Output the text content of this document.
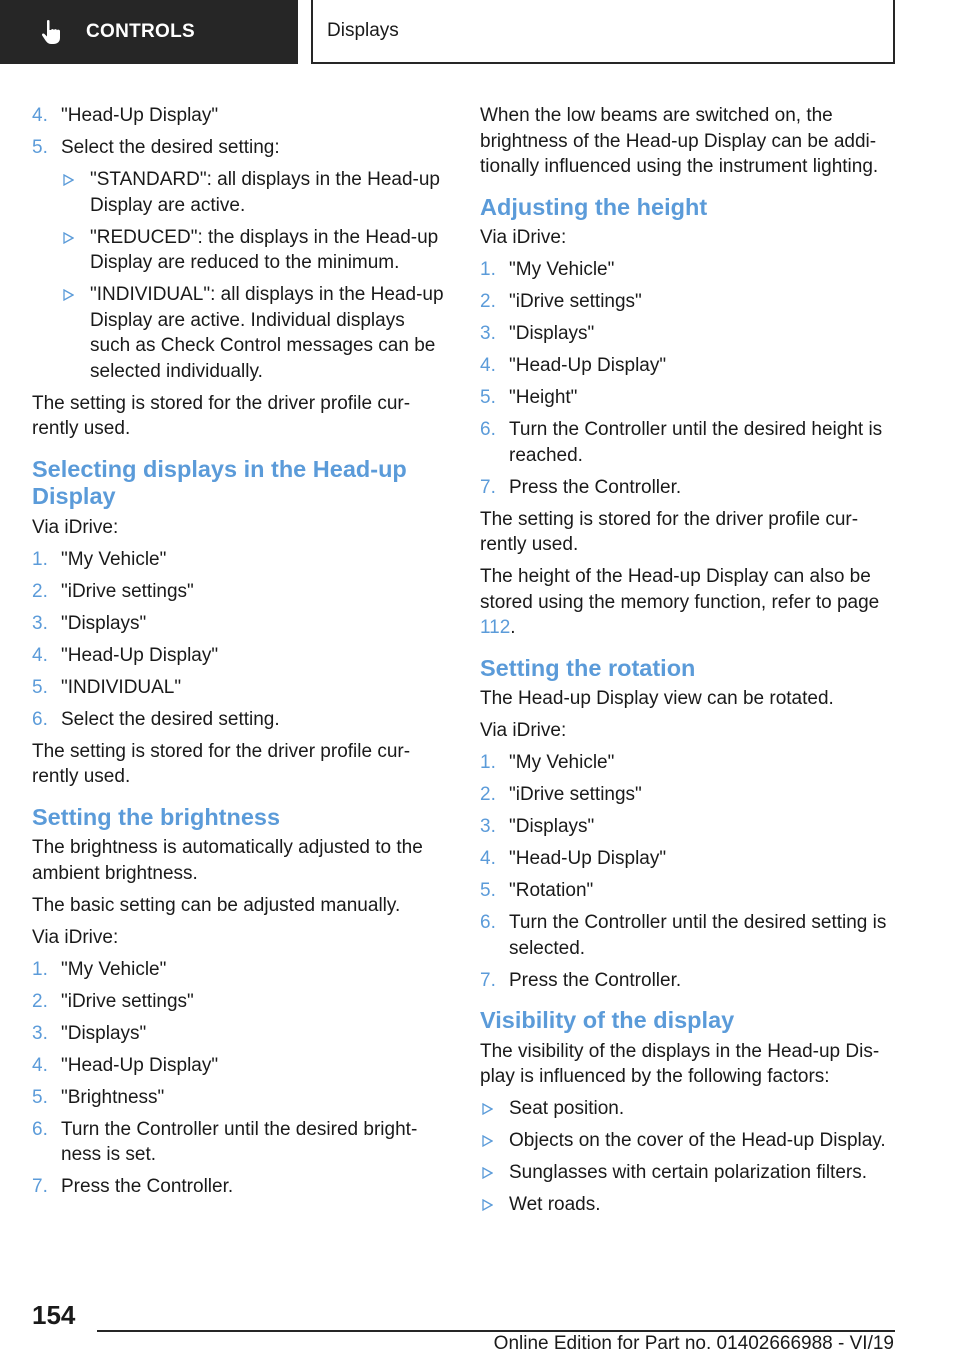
CONTROLS	Displays
4. "Head-Up Display"
5. Select the desired setting:
"STANDARD": all displays in the Head-up Display are active.
"REDUCED": the displays in the Head-up Display are reduced to the minimum.
"INDIVIDUAL": all displays in the Head-up Display are active. Individual displays such as Check Control messages can be selected individually.

The setting is stored for the driver profile currently used.

Selecting displays in the Head-up Display

Via iDrive:

1. "My Vehicle"
2. "iDrive settings"
3. "Displays"
4. "Head-Up Display"
5. "INDIVIDUAL"
6. Select the desired setting.

The setting is stored for the driver profile currently used.

Setting the brightness

The brightness is automatically adjusted to the ambient brightness.

The basic setting can be adjusted manually.

Via iDrive:

1. "My Vehicle"
2. "iDrive settings"
3. "Displays"
4. "Head-Up Display"
5. "Brightness"
6. Turn the Controller until the desired brightness is set.
7. Press the Controller.

When the low beams are switched on, the brightness of the Head-up Display can be additionally influenced using the instrument lighting.

Adjusting the height

Via iDrive:

1. "My Vehicle"
2. "iDrive settings"
3. "Displays"
4. "Head-Up Display"
5. "Height"
6. Turn the Controller until the desired height is reached.
7. Press the Controller.

The setting is stored for the driver profile currently used.

The height of the Head-up Display can also be stored using the memory function, refer to page 112.

Setting the rotation

The Head-up Display view can be rotated.

Via iDrive:

1. "My Vehicle"
2. "iDrive settings"
3. "Displays"
4. "Head-Up Display"
5. "Rotation"
6. Turn the Controller until the desired setting is selected.
7. Press the Controller.
Visibility of the display

The visibility of the displays in the Head-up Display is influenced by the following factors:

Seat position.
Objects on the cover of the Head-up Display.
Sunglasses with certain polarization filters.
Wet roads.
154
Online Edition for Part no. 01402666988 - VI/19
